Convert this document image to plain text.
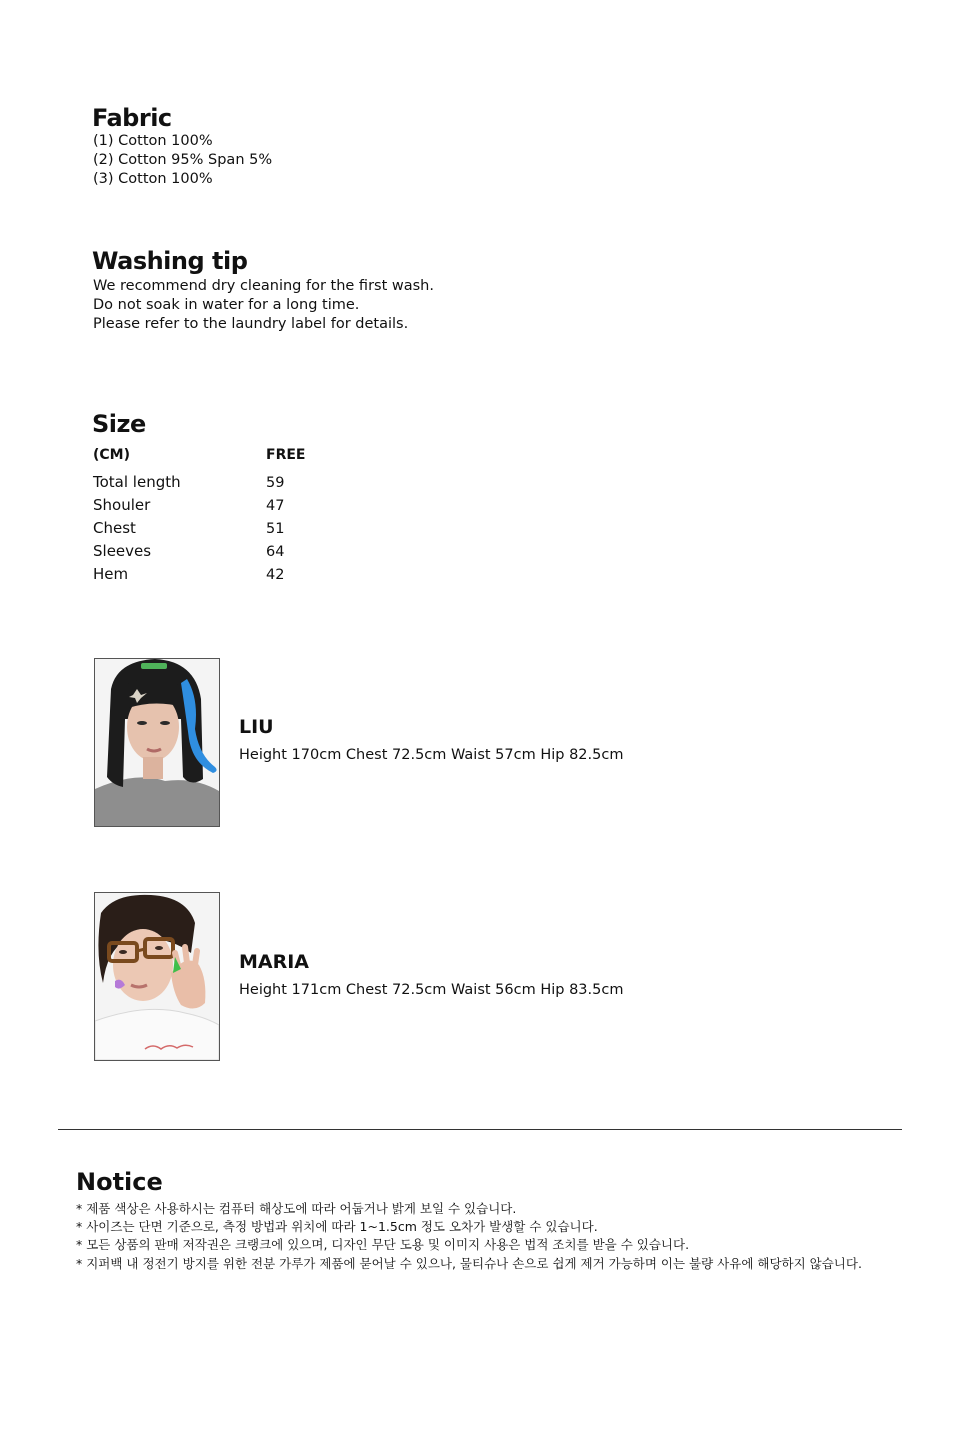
Fabric
(1) Cotton 100%
(2) Cotton 95% Span 5%
(3) Cotton 100%
Washing tip
We recommend dry cleaning for the first wash.
Do not soak in water for a long time.
Please refer to the laundry label for details.
Size
(CM)	FREE
Total length	59
Shouler	47
Chest	51
Sleeves	64
Hem	42
LIU
Height 170cm Chest 72.5cm Waist 57cm Hip 82.5cm
MARIA
Height 171cm Chest 72.5cm Waist 56cm Hip 83.5cm
Notice
* 제품 색상은 사용하시는 컴퓨터 해상도에 따라 어둡거나 밝게 보일 수 있습니다.
* 사이즈는 단면 기준으로, 측정 방법과 위치에 따라 1~1.5cm 정도 오차가 발생할 수 있습니다.
* 모든 상품의 판매 저작권은 크랭크에 있으며, 디자인 무단 도용 및 이미지 사용은 법적 조치를 받을 수 있습니다.
* 지퍼백 내 정전기 방지를 위한 전분 가루가 제품에 묻어날 수 있으나, 물티슈나 손으로 쉽게 제거 가능하며 이는 불량 사유에 해당하지 않습니다.
